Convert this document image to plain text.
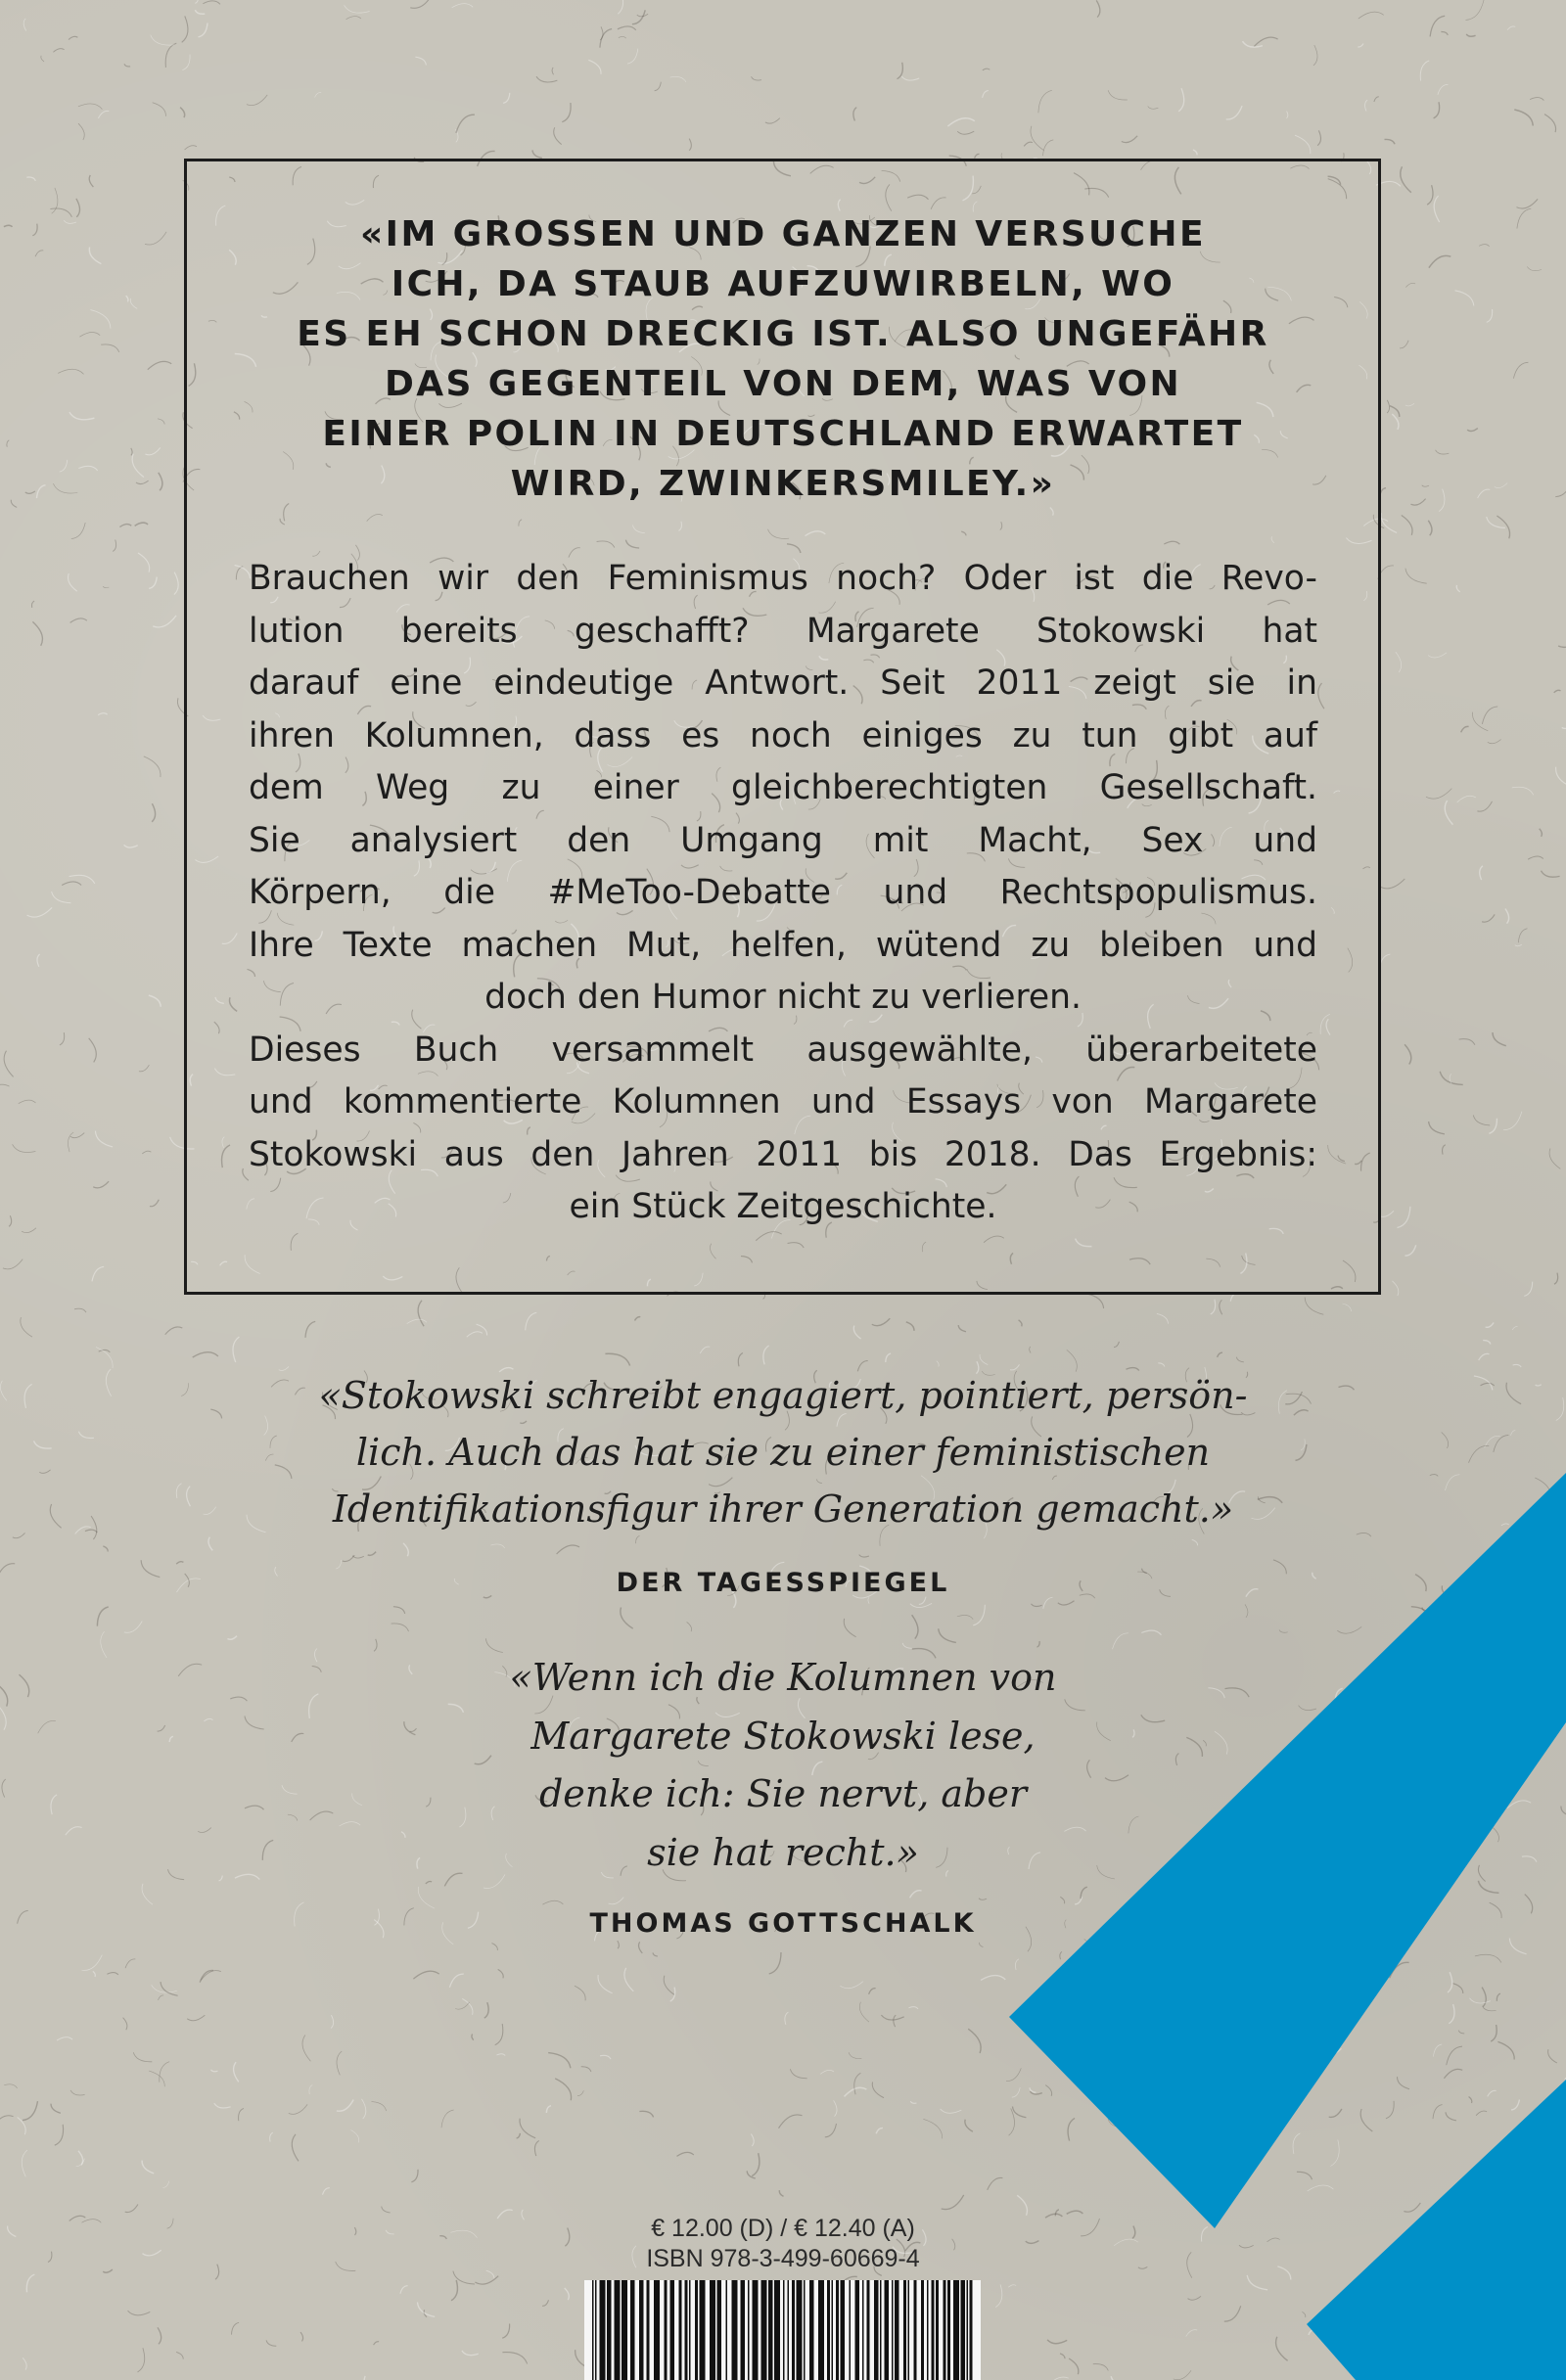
«IM GROSSEN UND GANZEN VERSUCHE
ICH, DA STAUB AUFZUWIRBELN, WO
ES EH SCHON DRECKIG IST. ALSO UNGEFÄHR
DAS GEGENTEIL VON DEM, WAS VON
EINER POLIN IN DEUTSCHLAND ERWARTET
WIRD, ZWINKERSMILEY.»
Brauchen wir den Feminismus noch? Oder ist die Revo-
lution bereits geschafft? Margarete Stokowski hat
darauf eine eindeutige Antwort. Seit 2011 zeigt sie in
ihren Kolumnen, dass es noch einiges zu tun gibt auf
dem Weg zu einer gleichberechtigten Gesellschaft.
Sie analysiert den Umgang mit Macht, Sex und
Körpern, die #MeToo-Debatte und Rechtspopulismus.
Ihre Texte machen Mut, helfen, wütend zu bleiben und
doch den Humor nicht zu verlieren.
Dieses Buch versammelt ausgewählte, überarbeitete
und kommentierte Kolumnen und Essays von Margarete
Stokowski aus den Jahren 2011 bis 2018. Das Ergebnis:
ein Stück Zeitgeschichte.
«Stokowski schreibt engagiert, pointiert, persön-
lich. Auch das hat sie zu einer feministischen
Identifikationsfigur ihrer Generation gemacht.»
DER TAGESSPIEGEL
«Wenn ich die Kolumnen von
Margarete Stokowski lese,
denke ich: Sie nervt, aber
sie hat recht.»
THOMAS GOTTSCHALK
€ 12.00 (D) / € 12.40 (A)
ISBN 978-3-499-60669-4
